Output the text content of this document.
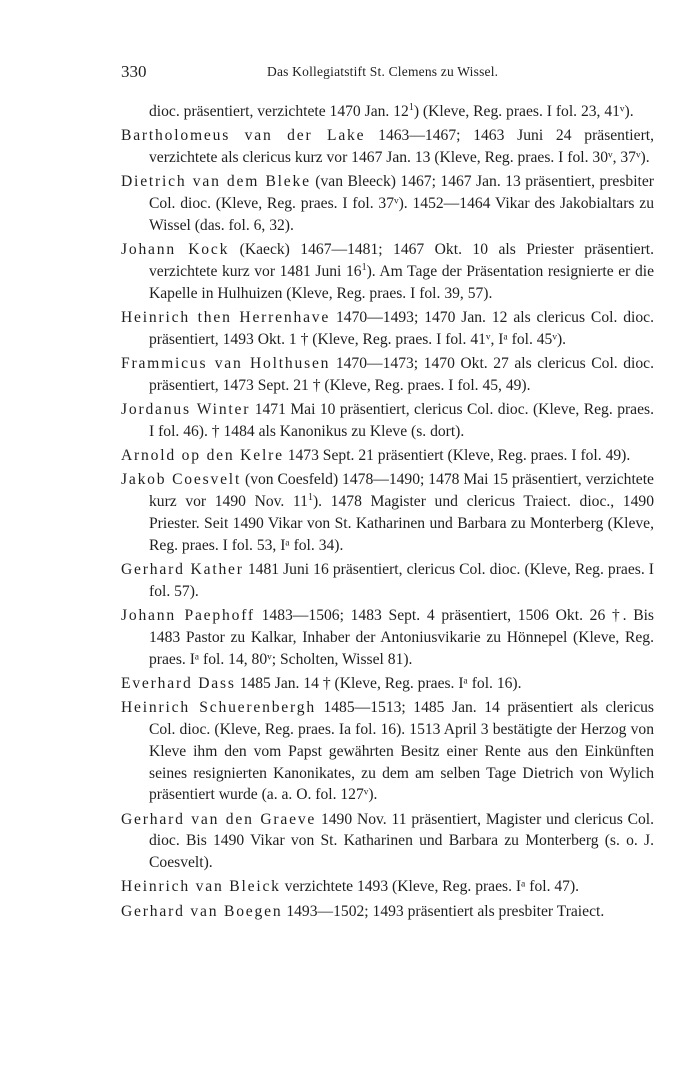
330	Das Kollegiatstift St. Clemens zu Wissel.

dioc. präsentiert, verzichtete 1470 Jan. $12^1$) (Kleve, Reg. praes. I fol. 23, 41ᵛ).

Bartholomeus van der Lake 1463—1467; 1463 Juni 24 präsentiert, verzichtete als clericus kurz vor 1467 Jan. 13 (Kleve, Reg. praes. I fol. 30ᵛ, 37ᵛ).

Dietrich van dem Bleke (van Bleeck) 1467; 1467 Jan. 13 präsentiert, presbiter Col. dioc. (Kleve, Reg. praes. I fol. 37ᵛ). 1452—1464 Vikar des Jakobialtars zu Wissel (das. fol. 6, 32).

Johann Kock (Kaeck) 1467—1481; 1467 Okt. 10 als Priester präsentiert. verzichtete kurz vor 1481 Juni $16^1$). Am Tage der Präsentation resignierte er die Kapelle in Hulhuizen (Kleve, Reg. praes. I fol. 39, 57).

Heinrich then Herrenhave 1470—1493; 1470 Jan. 12 als clericus Col. dioc. präsentiert, 1493 Okt. 1 † (Kleve, Reg. praes. I fol. 41ᵛ, Iᵃ fol. 45ᵛ).

Frammicus van Holthusen 1470—1473; 1470 Okt. 27 als clericus Col. dioc. präsentiert, 1473 Sept. 21 † (Kleve, Reg. praes. I fol. 45, 49).

Jordanus Winter 1471 Mai 10 präsentiert, clericus Col. dioc. (Kleve, Reg. praes. I fol. 46). † 1484 als Kanonikus zu Kleve (s. dort).

Arnold op den Kelre 1473 Sept. 21 präsentiert (Kleve, Reg. praes. I fol. 49).

Jakob Coesvelt (von Coesfeld) 1478—1490; 1478 Mai 15 präsentiert, verzichtete kurz vor 1490 Nov. $11^1$). 1478 Magister und clericus Traiect. dioc., 1490 Priester. Seit 1490 Vikar von St. Katharinen und Barbara zu Monterberg (Kleve, Reg. praes. I fol. 53, Iᵃ fol. 34).

Gerhard Kather 1481 Juni 16 präsentiert, clericus Col. dioc. (Kleve, Reg. praes. I fol. 57).

Johann Paephoff 1483—1506; 1483 Sept. 4 präsentiert, 1506 Okt. 26 †. Bis 1483 Pastor zu Kalkar, Inhaber der Antoniusvikarie zu Hönnepel (Kleve, Reg. praes. Iᵃ fol. 14, 80ᵛ; Scholten, Wissel 81).

Everhard Dass 1485 Jan. 14 † (Kleve, Reg. praes. Iᵃ fol. 16).

Heinrich Schuerenbergh 1485—1513; 1485 Jan. 14 präsentiert als clericus Col. dioc. (Kleve, Reg. praes. Ia fol. 16). 1513 April 3 bestätigte der Herzog von Kleve ihm den vom Papst gewährten Besitz einer Rente aus den Einkünften seines resignierten Kanonikates, zu dem am selben Tage Dietrich von Wylich präsentiert wurde (a. a. O. fol. 127ᵛ).

Gerhard van den Graeve 1490 Nov. 11 präsentiert, Magister und clericus Col. dioc. Bis 1490 Vikar von St. Katharinen und Barbara zu Monterberg (s. o. J. Coesvelt).

Heinrich van Bleick verzichtete 1493 (Kleve, Reg. praes. Iᵃ fol. 47).

Gerhard van Boegen 1493—1502; 1493 präsentiert als presbiter Traiect.
